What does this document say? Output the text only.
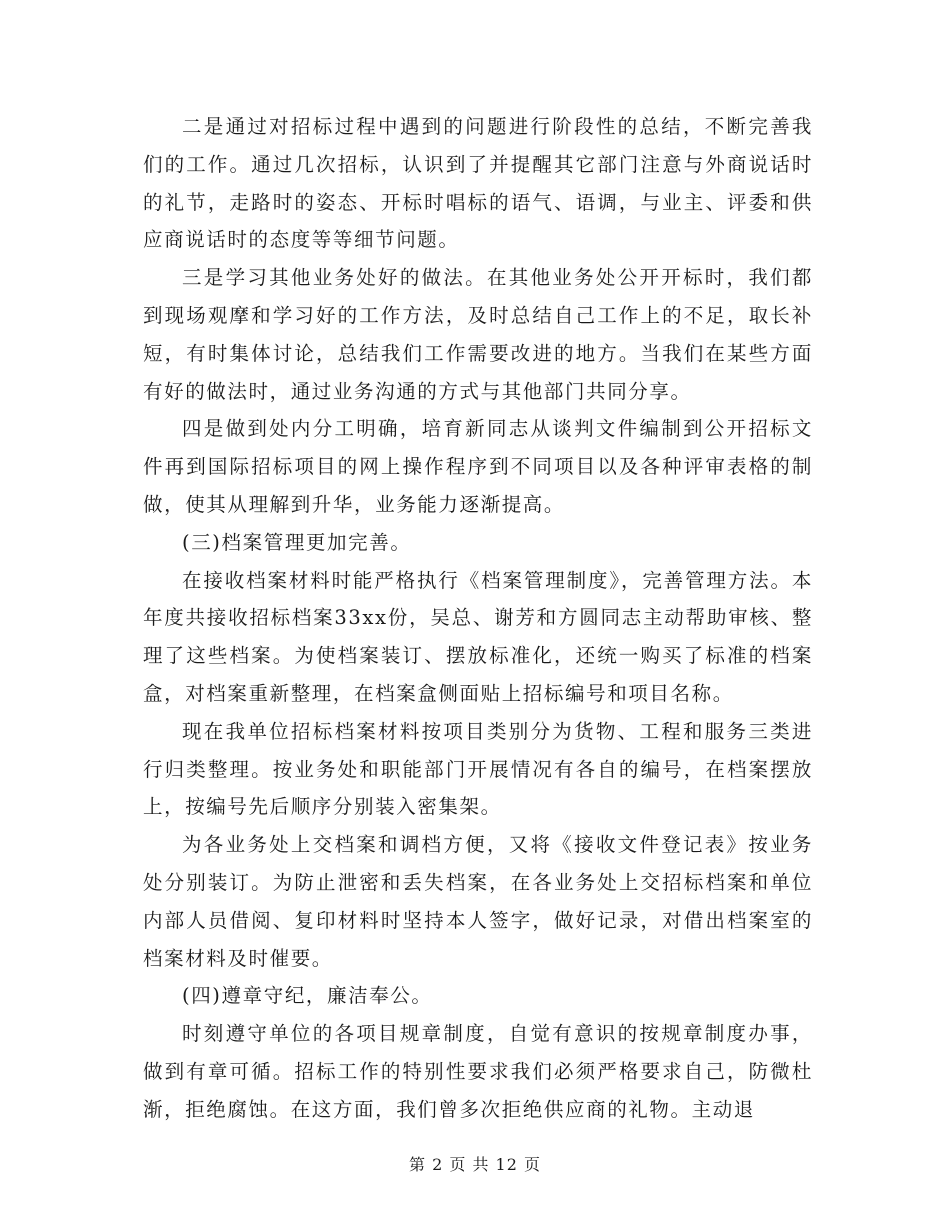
二是通过对招标过程中遇到的问题进行阶段性的总结，不断完善我们的工作。通过几次招标，认识到了并提醒其它部门注意与外商说话时的礼节，走路时的姿态、开标时唱标的语气、语调，与业主、评委和供应商说话时的态度等等细节问题。

三是学习其他业务处好的做法。在其他业务处公开开标时，我们都到现场观摩和学习好的工作方法，及时总结自己工作上的不足，取长补短，有时集体讨论，总结我们工作需要改进的地方。当我们在某些方面有好的做法时，通过业务沟通的方式与其他部门共同分享。

四是做到处内分工明确，培育新同志从谈判文件编制到公开招标文件再到国际招标项目的网上操作程序到不同项目以及各种评审表格的制做，使其从理解到升华，业务能力逐渐提高。

(三)档案管理更加完善。

在接收档案材料时能严格执行《档案管理制度》，完善管理方法。本年度共接收招标档案33xx份，吴总、谢芳和方圆同志主动帮助审核、整理了这些档案。为使档案装订、摆放标准化，还统一购买了标准的档案盒，对档案重新整理，在档案盒侧面贴上招标编号和项目名称。

现在我单位招标档案材料按项目类别分为货物、工程和服务三类进行归类整理。按业务处和职能部门开展情况有各自的编号，在档案摆放上，按编号先后顺序分别装入密集架。

为各业务处上交档案和调档方便，又将《接收文件登记表》按业务处分别装订。为防止泄密和丢失档案，在各业务处上交招标档案和单位内部人员借阅、复印材料时坚持本人签字，做好记录，对借出档案室的档案材料及时催要。

(四)遵章守纪，廉洁奉公。

时刻遵守单位的各项目规章制度，自觉有意识的按规章制度办事，做到有章可循。招标工作的特别性要求我们必须严格要求自己，防微杜渐，拒绝腐蚀。在这方面，我们曾多次拒绝供应商的礼物。主动退

第 2 页 共 12 页
